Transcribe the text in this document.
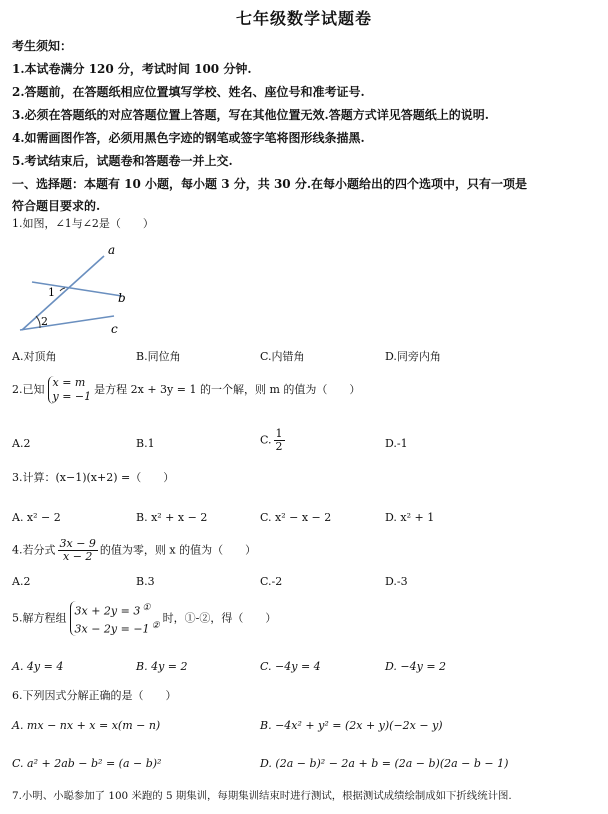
七年级数学试题卷
考生须知：
1.本试卷满分 120 分，考试时间 100 分钟.
2.答题前，在答题纸相应位置填写学校、姓名、座位号和准考证号.
3.必须在答题纸的对应答题位置上答题，写在其他位置无效.答题方式详见答题纸上的说明.
4.如需画图作答，必须用黑色字迹的钢笔或签字笔将图形线条描黑.
5.考试结束后，试题卷和答题卷一并上交.
一、选择题：本题有 10 小题，每小题 3 分，共 30 分.在每小题给出的四个选项中，只有一项是
符合题目要求的.
1.如图，∠1与∠2是（　　）
a
b
c
1
2
A.对顶角	B.同位角	C.内错角	D.同旁内角
2.已知
x = m
y = −1
是方程 2x + 3y = 1 的一个解，则 m 的值为（　　）
A.2	B.1	C. $\frac{1}{2}$	D.-1
3.计算：(x−1)(x+2) =（　　）
A. x² − 2	B. x² + x − 2	C. x² − x − 2	D. x² + 1
4.若分式 $\frac{3x - 9}{x - 2}$ 的值为零，则 x 的值为（　　）
A.2	B.3	C.-2	D.-3
5.解方程组
3x + 2y = 3 ①
3x − 2y = −1 ②
时，①-②，得（　　）
A. 4y = 4	B. 4y = 2	C. −4y = 4	D. −4y = 2
6.下列因式分解正确的是（　　）
A. mx − nx + x = x(m − n)	B. −4x² + y² = (2x + y)(−2x − y)
C. a² + 2ab − b² = (a − b)²	D. (2a − b)² − 2a + b = (2a − b)(2a − b − 1)
7.小明、小聪参加了 100 米跑的 5 期集训，每期集训结束时进行测试，根据测试成绩绘制成如下折线统计图.
